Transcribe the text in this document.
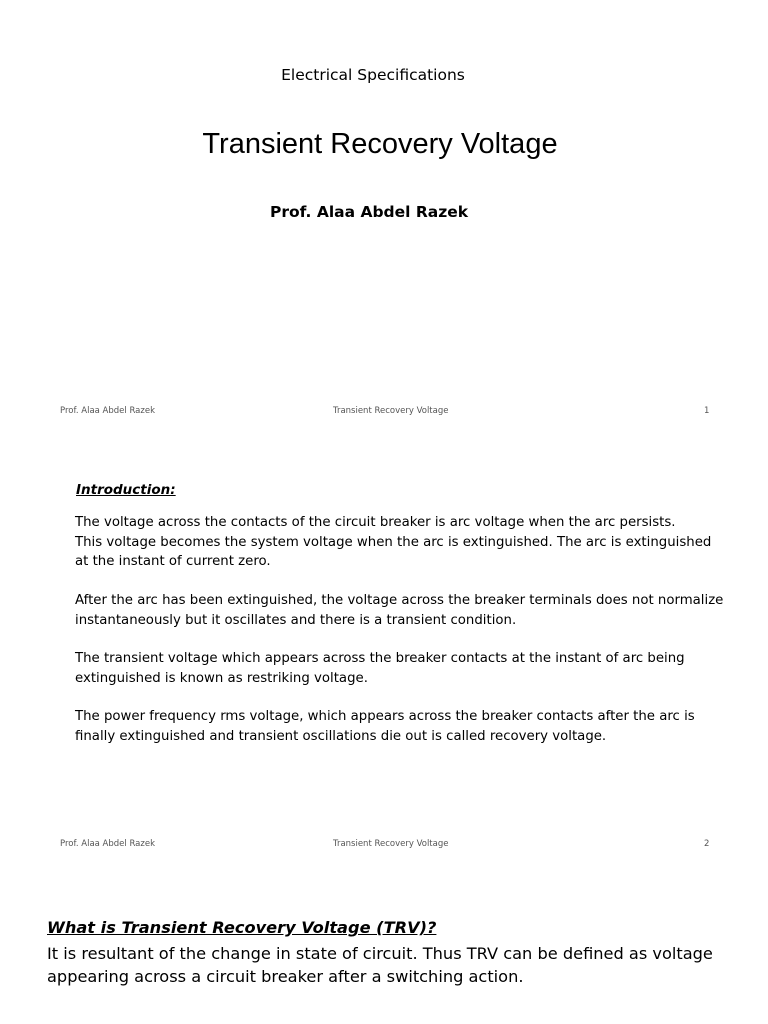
Electrical Specifications
Transient Recovery Voltage
Prof. Alaa Abdel Razek
Prof. Alaa Abdel Razek	Transient Recovery Voltage	1
Introduction:
The voltage across the contacts of the circuit breaker is arc voltage when the arc persists.
This voltage becomes the system voltage when the arc is extinguished. The arc is extinguished at the instant of current zero.
After the arc has been extinguished, the voltage across the breaker terminals does not normalize instantaneously but it oscillates and there is a transient condition.
The transient voltage which appears across the breaker contacts at the instant of arc being extinguished is known as restriking voltage.
The power frequency rms voltage, which appears across the breaker contacts after the arc is finally extinguished and transient oscillations die out is called recovery voltage.
Prof. Alaa Abdel Razek	Transient Recovery Voltage	2
What is Transient Recovery Voltage (TRV)?
It is resultant of the change in state of circuit. Thus TRV can be defined as voltage appearing across a circuit breaker after a switching action.
